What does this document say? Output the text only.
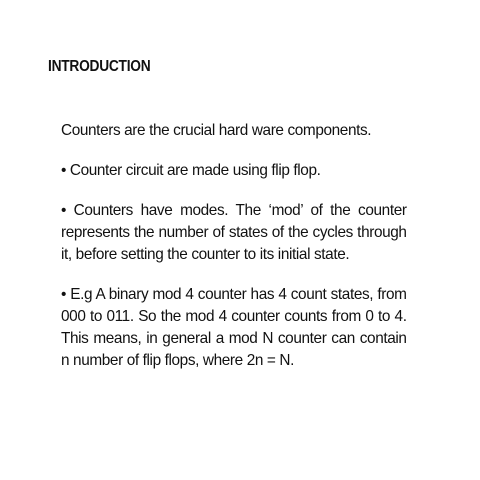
INTRODUCTION

Counters are the crucial hard ware components.

• Counter circuit are made using flip flop.

• Counters have modes. The ‘mod’ of the counter represents the number of states of the cycles through it, before setting the counter to its initial state.

• E.g A binary mod 4 counter has 4 count states, from 000 to 011. So the mod 4 counter counts from 0 to 4. This means, in general a mod N counter can contain n number of flip flops, where 2n = N.
